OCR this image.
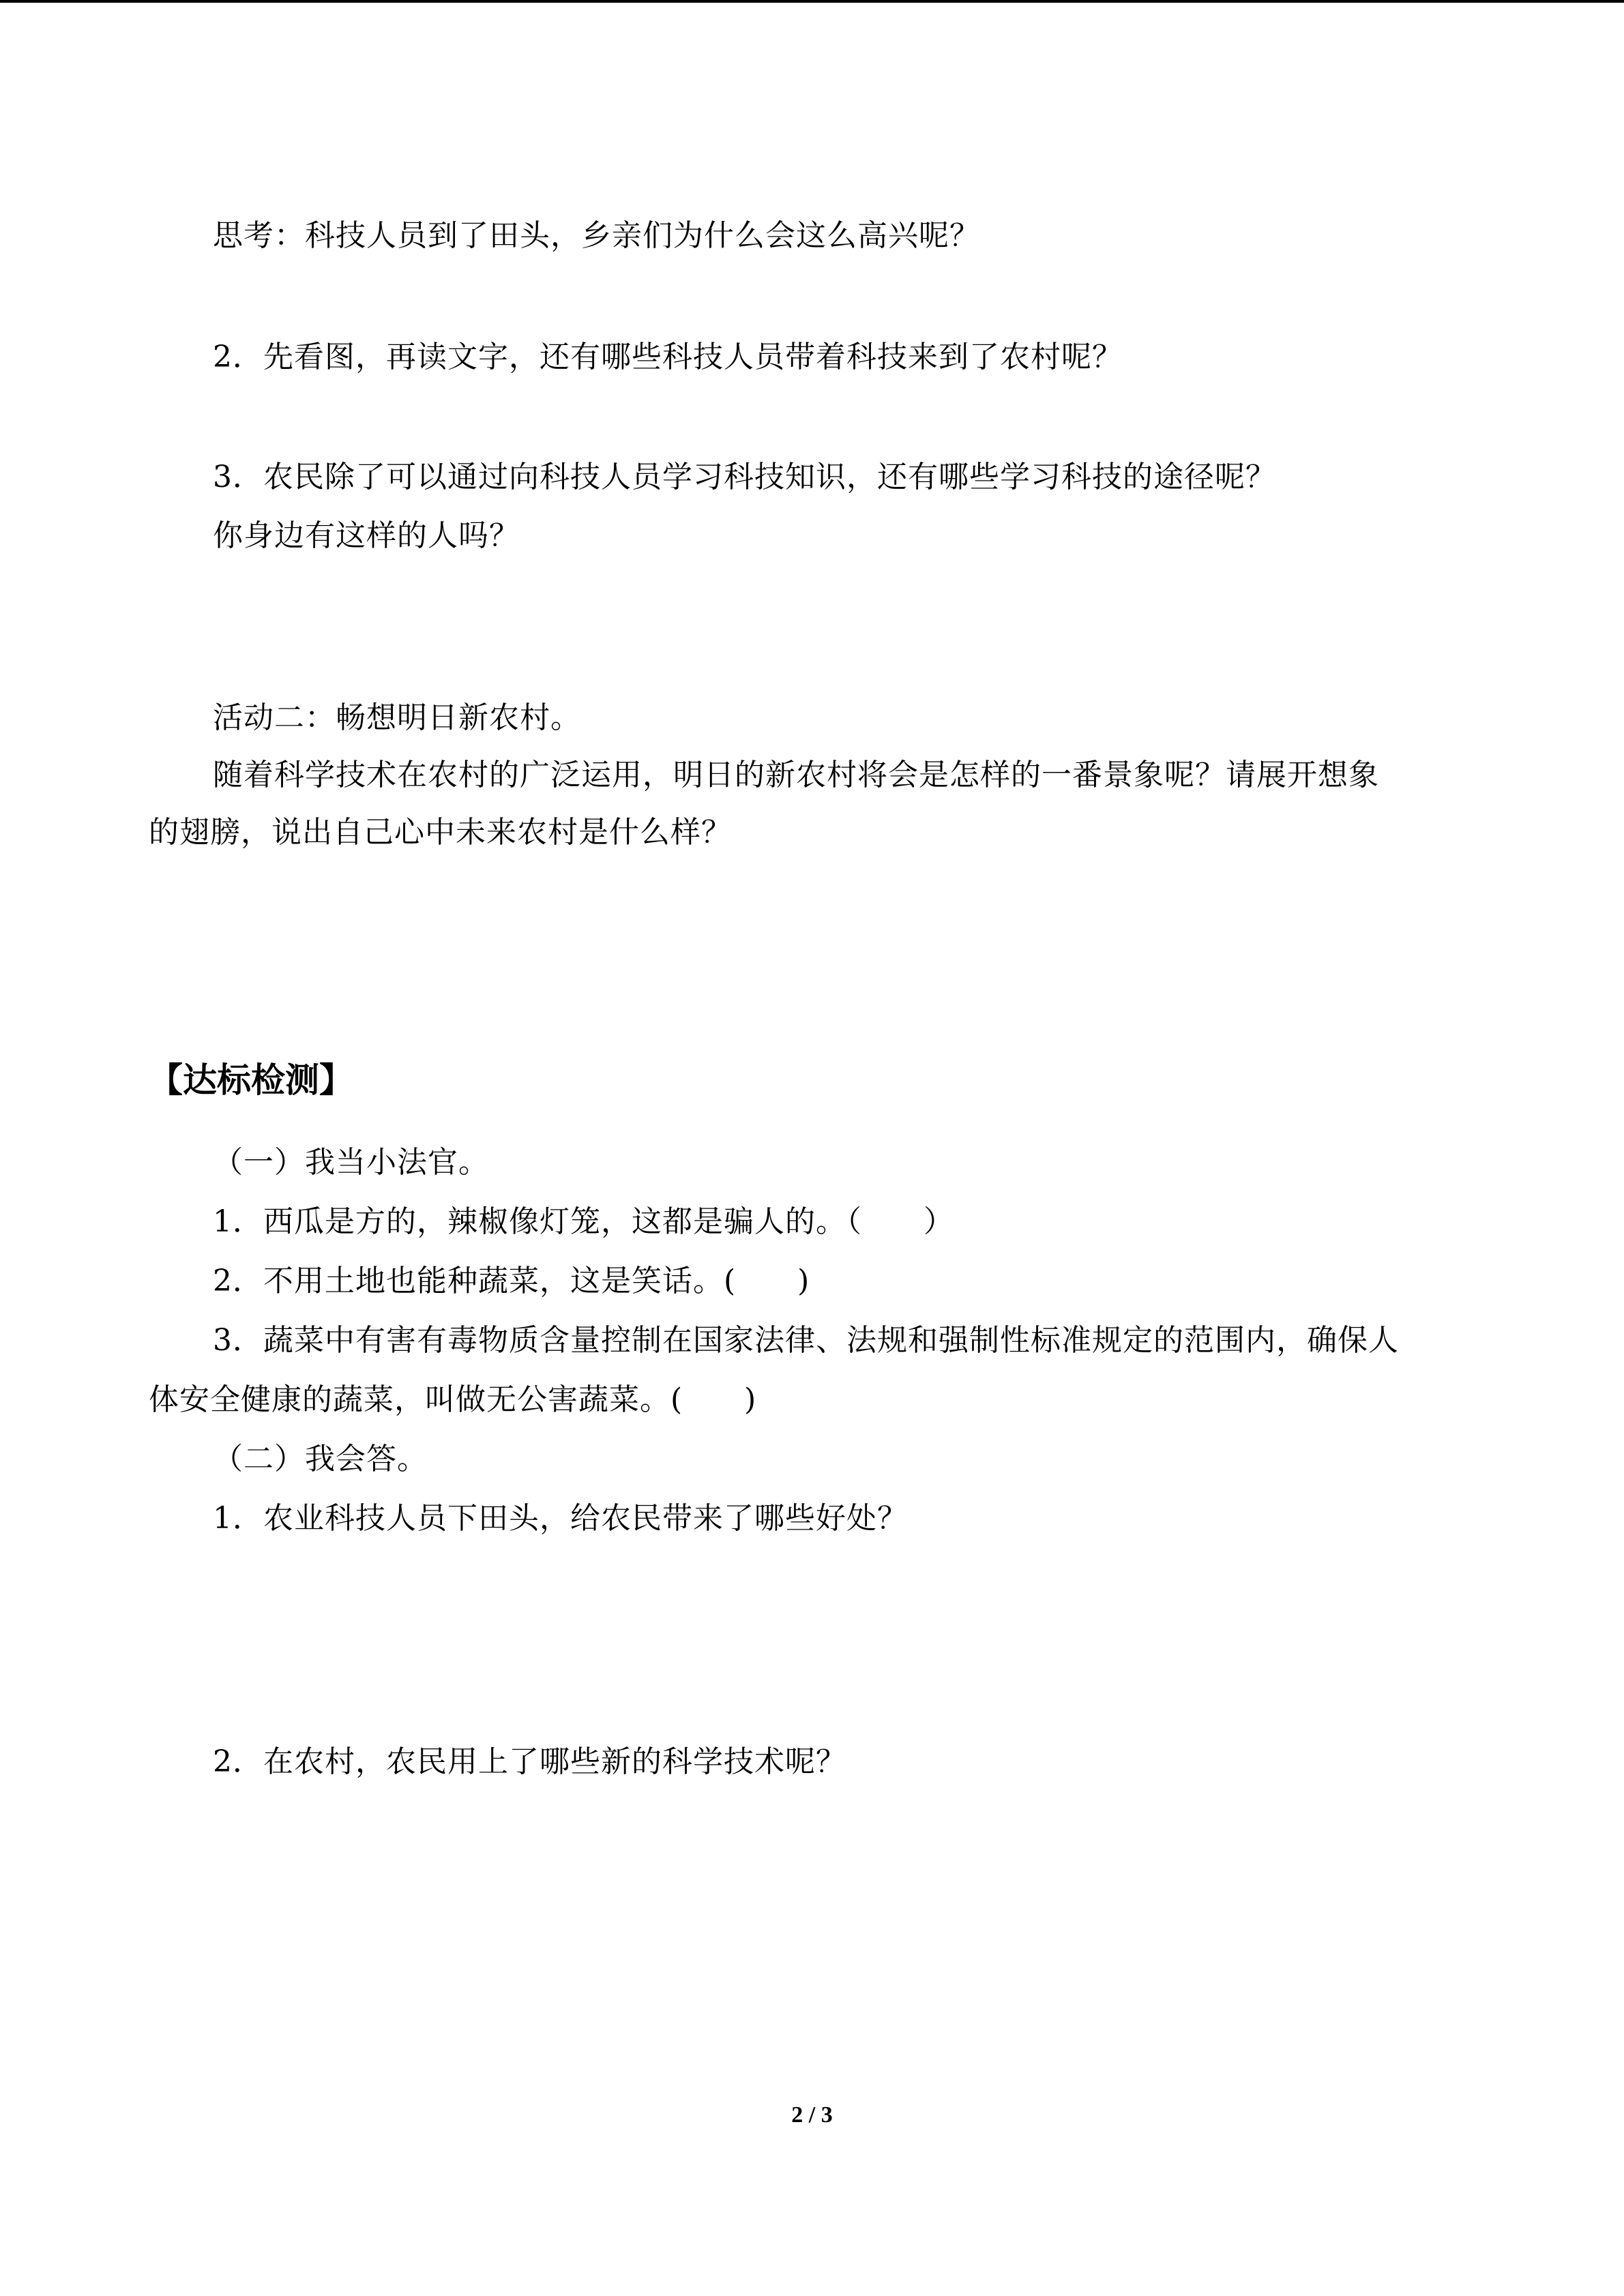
思考：科技人员到了田头，乡亲们为什么会这么高兴呢？
2．先看图，再读文字，还有哪些科技人员带着科技来到了农村呢？
3．农民除了可以通过向科技人员学习科技知识，还有哪些学习科技的途径呢？
你身边有这样的人吗？
活动二：畅想明日新农村。
随着科学技术在农村的广泛运用，明日的新农村将会是怎样的一番景象呢？请展开想象
的翅膀，说出自己心中未来农村是什么样？
【达标检测】
（一）我当小法官。
1．西瓜是方的，辣椒像灯笼，这都是骗人的。（　　）
2．不用土地也能种蔬菜，这是笑话。(　　)
3．蔬菜中有害有毒物质含量控制在国家法律、法规和强制性标准规定的范围内，确保人
体安全健康的蔬菜，叫做无公害蔬菜。(　　)
（二）我会答。
1．农业科技人员下田头，给农民带来了哪些好处？
2．在农村，农民用上了哪些新的科学技术呢？
2 / 3
